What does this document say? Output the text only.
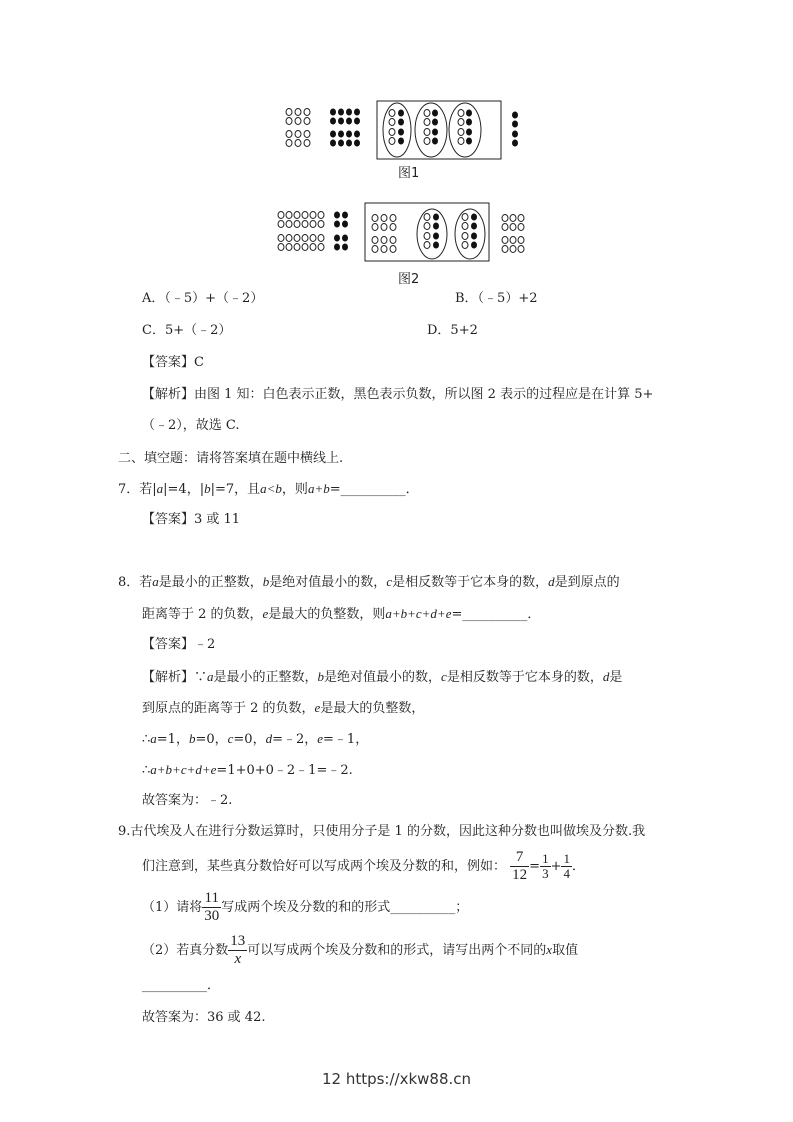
图1
图2
A．（﹣5）+（﹣2）	B．（﹣5）+2
C．5+（﹣2）	D．5+2
【答案】C
【解析】由图 1 知：白色表示正数，黑色表示负数，所以图 2 表示的过程应是在计算 5+
（﹣2），故选 C.
二、填空题：请将答案填在题中横线上.
7．若|a|=4，|b|=7，且a<b，则a+b=__________．
【答案】3 或 11
8．若a是最小的正整数，b是绝对值最小的数，c是相反数等于它本身的数，d是到原点的
距离等于 2 的负数，e是最大的负整数，则a+b+c+d+e=__________．
【答案】﹣2
【解析】∵a是最小的正整数，b是绝对值最小的数，c是相反数等于它本身的数，d是
到原点的距离等于 2 的负数，e是最大的负整数，
∴a=1，b=0，c=0，d=﹣2，e=﹣1，
∴a+b+c+d+e=1+0+0﹣2﹣1=﹣2.
故答案为：﹣2.
9.古代埃及人在进行分数运算时，只使用分子是 1 的分数，因此这种分数也叫做埃及分数.我
们注意到，某些真分数恰好可以写成两个埃及分数的和，例如： $\frac{7}{12} = \frac{1}{3} + \frac{1}{4}$ ．
（1）请将 $\frac{11}{30}$ 写成两个埃及分数的和的形式__________；
（2）若真分数 $\frac{13}{x}$ 可以写成两个埃及分数和的形式，请写出两个不同的x取值
__________．
故答案为：36 或 42.
12 https://xkw88.cn
